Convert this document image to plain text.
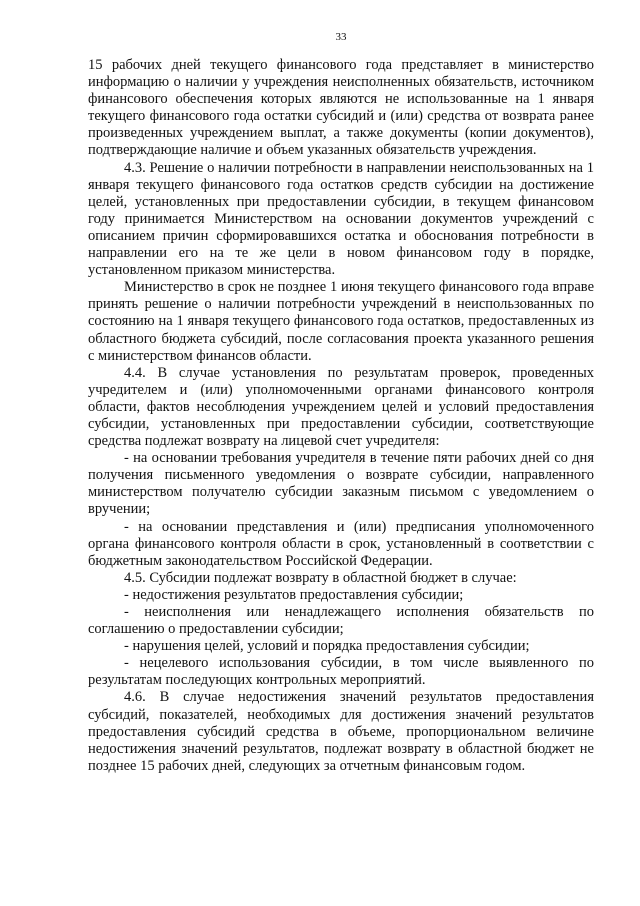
33

15 рабочих дней текущего финансового года представляет в министерство информацию о наличии у учреждения неисполненных обязательств, источником финансового обеспечения которых являются не использованные на 1 января текущего финансового года остатки субсидий и (или) средства от возврата ранее произведенных учреждением выплат, а также документы (копии документов), подтверждающие наличие и объем указанных обязательств учреждения.

4.3. Решение о наличии потребности в направлении неиспользованных на 1 января текущего финансового года остатков средств субсидии на достижение целей, установленных при предоставлении субсидии, в текущем финансовом году принимается Министерством на основании документов учреждений с описанием причин сформировавшихся остатка и обоснования потребности в направлении его на те же цели в новом финансовом году в порядке, установленном приказом министерства.

Министерство в срок не позднее 1 июня текущего финансового года вправе принять решение о наличии потребности учреждений в неиспользованных по состоянию на 1 января текущего финансового года остатков, предоставленных из областного бюджета субсидий, после согласования проекта указанного решения с министерством финансов области.

4.4. В случае установления по результатам проверок, проведенных учредителем и (или) уполномоченными органами финансового контроля области, фактов несоблюдения учреждением целей и условий предоставления субсидии, установленных при предоставлении субсидии, соответствующие средства подлежат возврату на лицевой счет учредителя:

- на основании требования учредителя в течение пяти рабочих дней со дня получения письменного уведомления о возврате субсидии, направленного министерством получателю субсидии заказным письмом с уведомлением о вручении;

- на основании представления и (или) предписания уполномоченного органа финансового контроля области в срок, установленный в соответствии с бюджетным законодательством Российской Федерации.

4.5. Субсидии подлежат возврату в областной бюджет в случае:

- недостижения результатов предоставления субсидии;

- неисполнения или ненадлежащего исполнения обязательств по соглашению о предоставлении субсидии;

- нарушения целей, условий и порядка предоставления субсидии;

- нецелевого использования субсидии, в том числе выявленного по результатам последующих контрольных мероприятий.

4.6. В случае недостижения значений результатов предоставления субсидий, показателей, необходимых для достижения значений результатов предоставления субсидий средства в объеме, пропорциональном величине недостижения значений результатов, подлежат возврату в областной бюджет не позднее 15 рабочих дней, следующих за отчетным финансовым годом.
